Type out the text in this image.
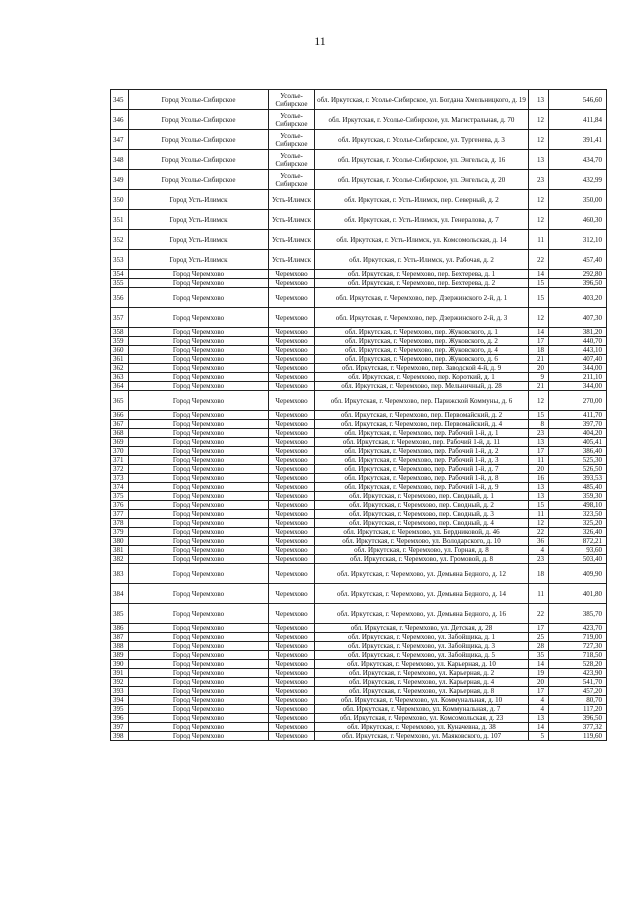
11
345	Город Усолье-Сибирское	Усолье-Сибирское	обл. Иркутская, г. Усолье-Сибирское, ул. Богдана Хмельницкого, д. 19	13	546,60
346	Город Усолье-Сибирское	Усолье-Сибирское	обл. Иркутская, г. Усолье-Сибирское, ул. Магистральная, д. 70	12	411,84
347	Город Усолье-Сибирское	Усолье-Сибирское	обл. Иркутская, г. Усолье-Сибирское, ул. Тургенева, д. 3	12	391,41
348	Город Усолье-Сибирское	Усолье-Сибирское	обл. Иркутская, г. Усолье-Сибирское, ул. Энгельса, д. 16	13	434,70
349	Город Усолье-Сибирское	Усолье-Сибирское	обл. Иркутская, г. Усолье-Сибирское, ул. Энгельса, д. 20	23	432,99
350	Город Усть-Илимск	Усть-Илимск	обл. Иркутская, г. Усть-Илимск, пер. Северный, д. 2	12	350,00
351	Город Усть-Илимск	Усть-Илимск	обл. Иркутская, г. Усть-Илимск, ул. Генералова, д. 7	12	460,30
352	Город Усть-Илимск	Усть-Илимск	обл. Иркутская, г. Усть-Илимск, ул. Комсомольская, д. 14	11	312,10
353	Город Усть-Илимск	Усть-Илимск	обл. Иркутская, г. Усть-Илимск, ул. Рабочая, д. 2	22	457,40
354	Город Черемхово	Черемхово	обл. Иркутская, г. Черемхово, пер. Бехтерева, д. 1	14	292,80
355	Город Черемхово	Черемхово	обл. Иркутская, г. Черемхово, пер. Бехтерева, д. 2	15	396,50
356	Город Черемхово	Черемхово	обл. Иркутская, г. Черемхово, пер. Дзержинского 2-й, д. 1	15	403,20
357	Город Черемхово	Черемхово	обл. Иркутская, г. Черемхово, пер. Дзержинского 2-й, д. 3	12	407,30
358	Город Черемхово	Черемхово	обл. Иркутская, г. Черемхово, пер. Жуковского, д. 1	14	381,20
359	Город Черемхово	Черемхово	обл. Иркутская, г. Черемхово, пер. Жуковского, д. 2	17	440,70
360	Город Черемхово	Черемхово	обл. Иркутская, г. Черемхово, пер. Жуковского, д. 4	18	443,10
361	Город Черемхово	Черемхово	обл. Иркутская, г. Черемхово, пер. Жуковского, д. 6	21	407,40
362	Город Черемхово	Черемхово	обл. Иркутская, г. Черемхово, пер. Заводской 4-й, д. 9	20	344,00
363	Город Черемхово	Черемхово	обл. Иркутская, г. Черемхово, пер. Короткий, д. 1	9	211,10
364	Город Черемхово	Черемхово	обл. Иркутская, г. Черемхово, пер. Мельничный, д. 28	21	344,00
365	Город Черемхово	Черемхово	обл. Иркутская, г. Черемхово, пер. Парижской Коммуны, д. 6	12	270,00
366	Город Черемхово	Черемхово	обл. Иркутская, г. Черемхово, пер. Первомайский, д. 2	15	411,70
367	Город Черемхово	Черемхово	обл. Иркутская, г. Черемхово, пер. Первомайский, д. 4	8	397,70
368	Город Черемхово	Черемхово	обл. Иркутская, г. Черемхово, пер. Рабочий 1-й, д. 1	23	404,20
369	Город Черемхово	Черемхово	обл. Иркутская, г. Черемхово, пер. Рабочий 1-й, д. 11	13	405,41
370	Город Черемхово	Черемхово	обл. Иркутская, г. Черемхово, пер. Рабочий 1-й, д. 2	17	386,40
371	Город Черемхово	Черемхово	обл. Иркутская, г. Черемхово, пер. Рабочий 1-й, д. 3	11	525,30
372	Город Черемхово	Черемхово	обл. Иркутская, г. Черемхово, пер. Рабочий 1-й, д. 7	20	526,50
373	Город Черемхово	Черемхово	обл. Иркутская, г. Черемхово, пер. Рабочий 1-й, д. 8	16	393,53
374	Город Черемхово	Черемхово	обл. Иркутская, г. Черемхово, пер. Рабочий 1-й, д. 9	13	485,40
375	Город Черемхово	Черемхово	обл. Иркутская, г. Черемхово, пер. Сводный, д. 1	13	359,30
376	Город Черемхово	Черемхово	обл. Иркутская, г. Черемхово, пер. Сводный, д. 2	15	498,10
377	Город Черемхово	Черемхово	обл. Иркутская, г. Черемхово, пер. Сводный, д. 3	11	323,50
378	Город Черемхово	Черемхово	обл. Иркутская, г. Черемхово, пер. Сводный, д. 4	12	325,20
379	Город Черемхово	Черемхово	обл. Иркутская, г. Черемхово, ул. Бердниковой, д. 46	22	326,40
380	Город Черемхово	Черемхово	обл. Иркутская, г. Черемхово, ул. Володарского, д. 10	36	872,21
381	Город Черемхово	Черемхово	обл. Иркутская, г. Черемхово, ул. Горная, д. 8	4	93,60
382	Город Черемхово	Черемхово	обл. Иркутская, г. Черемхово, ул. Громовой, д. 8	23	503,40
383	Город Черемхово	Черемхово	обл. Иркутская, г. Черемхово, ул. Демьяна Бедного, д. 12	18	409,90
384	Город Черемхово	Черемхово	обл. Иркутская, г. Черемхово, ул. Демьяна Бедного, д. 14	11	401,80
385	Город Черемхово	Черемхово	обл. Иркутская, г. Черемхово, ул. Демьяна Бедного, д. 16	22	385,70
386	Город Черемхово	Черемхово	обл. Иркутская, г. Черемхово, ул. Детская, д. 28	17	423,70
387	Город Черемхово	Черемхово	обл. Иркутская, г. Черемхово, ул. Забойщика, д. 1	25	719,00
388	Город Черемхово	Черемхово	обл. Иркутская, г. Черемхово, ул. Забойщика, д. 3	28	727,30
389	Город Черемхово	Черемхово	обл. Иркутская, г. Черемхово, ул. Забойщика, д. 5	35	718,50
390	Город Черемхово	Черемхово	обл. Иркутская, г. Черемхово, ул. Карьерная, д. 10	14	528,20
391	Город Черемхово	Черемхово	обл. Иркутская, г. Черемхово, ул. Карьерная, д. 2	19	423,90
392	Город Черемхово	Черемхово	обл. Иркутская, г. Черемхово, ул. Карьерная, д. 4	20	541,70
393	Город Черемхово	Черемхово	обл. Иркутская, г. Черемхово, ул. Карьерная, д. 8	17	457,20
394	Город Черемхово	Черемхово	обл. Иркутская, г. Черемхово, ул. Коммунальная, д. 10	4	80,70
395	Город Черемхово	Черемхово	обл. Иркутская, г. Черемхово, ул. Коммунальная, д. 7	4	117,20
396	Город Черемхово	Черемхово	обл. Иркутская, г. Черемхово, ул. Комсомольская, д. 23	13	396,50
397	Город Черемхово	Черемхово	обл. Иркутская, г. Черемхово, ул. Куначевна, д. 38	14	377,32
398	Город Черемхово	Черемхово	обл. Иркутская, г. Черемхово, ул. Маяковского, д. 107	5	119,60
